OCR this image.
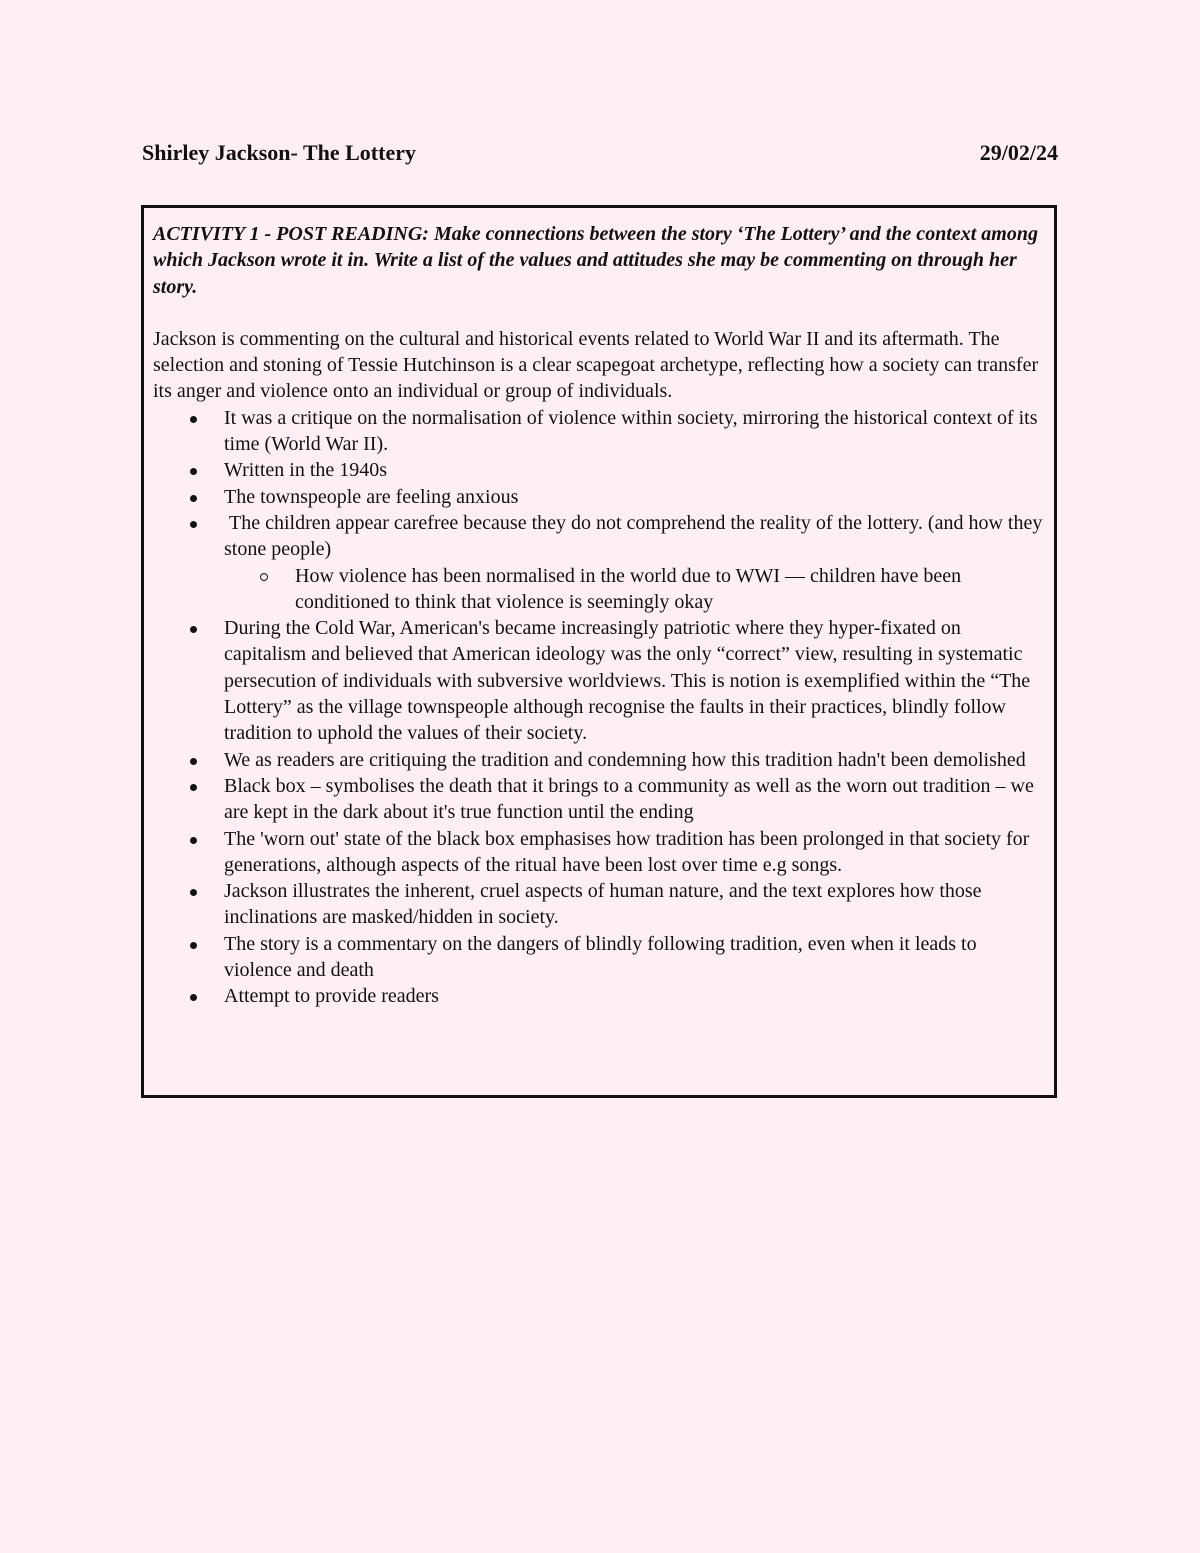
Shirley Jackson- The Lottery	29/02/24

ACTIVITY 1 - POST READING: Make connections between the story ‘The Lottery’ and the context among which Jackson wrote it in. Write a list of the values and attitudes she may be commenting on through her story.

Jackson is commenting on the cultural and historical events related to World War II and its aftermath. The selection and stoning of Tessie Hutchinson is a clear scapegoat archetype, reflecting how a society can transfer its anger and violence onto an individual or group of individuals.

It was a critique on the normalisation of violence within society, mirroring the historical context of its time (World War II).
Written in the 1940s
The townspeople are feeling anxious
The children appear carefree because they do not comprehend the reality of the lottery. (and how they stone people)
How violence has been normalised in the world due to WWI — children have been conditioned to think that violence is seemingly okay
During the Cold War, American's became increasingly patriotic where they hyper-fixated on capitalism and believed that American ideology was the only “correct” view, resulting in systematic persecution of individuals with subversive worldviews. This is notion is exemplified within the “The Lottery” as the village townspeople although recognise the faults in their practices, blindly follow tradition to uphold the values of their society.
We as readers are critiquing the tradition and condemning how this tradition hadn't been demolished
Black box – symbolises the death that it brings to a community as well as the worn out tradition – we are kept in the dark about it's true function until the ending
The 'worn out' state of the black box emphasises how tradition has been prolonged in that society for generations, although aspects of the ritual have been lost over time e.g songs.
Jackson illustrates the inherent, cruel aspects of human nature, and the text explores how those inclinations are masked/hidden in society.
The story is a commentary on the dangers of blindly following tradition, even when it leads to violence and death
Attempt to provide readers
